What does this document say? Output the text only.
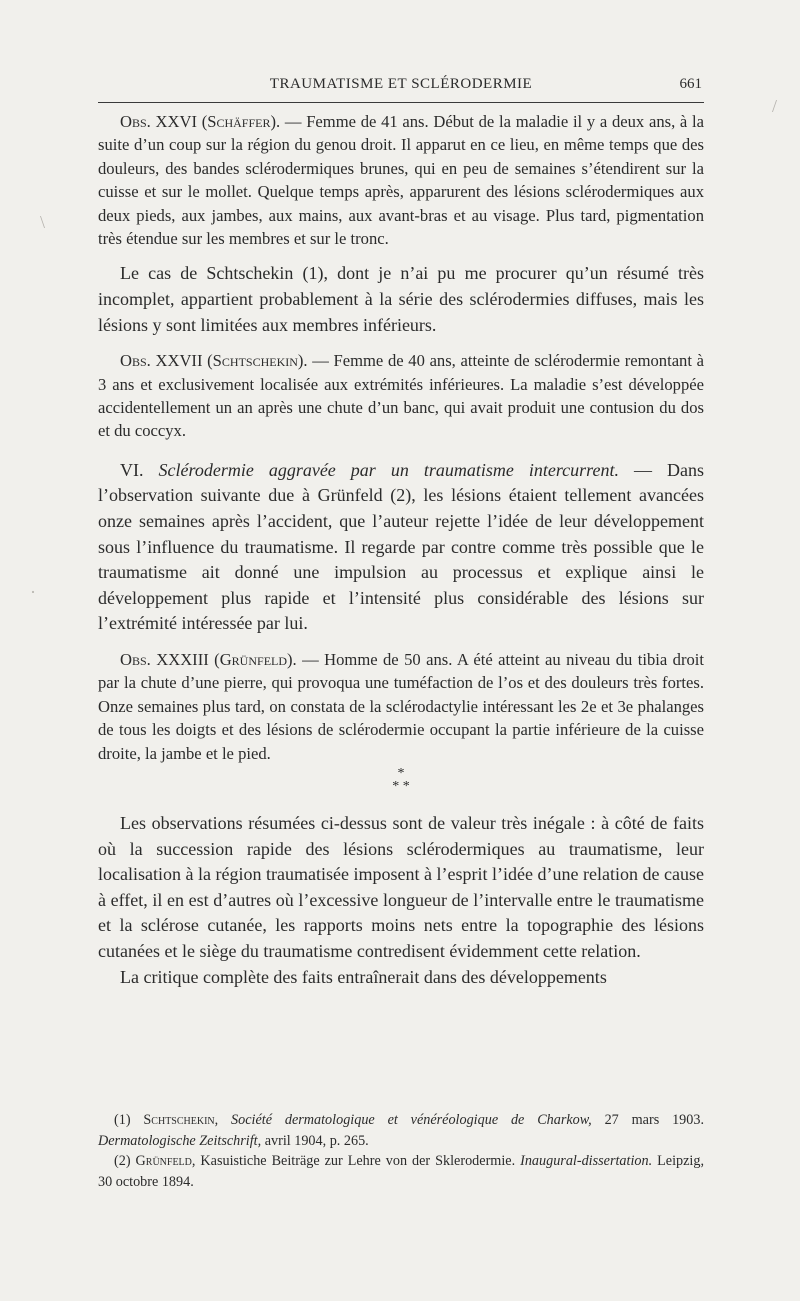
TRAUMATISME ET SCLÉRODERMIE	661

Obs. XXVI (Schäffer). — Femme de 41 ans. Début de la maladie il y a deux ans, à la suite d’un coup sur la région du genou droit. Il apparut en ce lieu, en même temps que des douleurs, des bandes sclérodermiques brunes, qui en peu de semaines s’étendirent sur la cuisse et sur le mollet. Quelque temps après, apparurent des lésions sclérodermiques aux deux pieds, aux jambes, aux mains, aux avant-bras et au visage. Plus tard, pigmentation très étendue sur les membres et sur le tronc.

Le cas de Schtschekin (1), dont je n’ai pu me procurer qu’un résumé très incomplet, appartient probablement à la série des sclérodermies diffuses, mais les lésions y sont limitées aux membres inférieurs.

Obs. XXVII (Schtschekin). — Femme de 40 ans, atteinte de sclérodermie remontant à 3 ans et exclusivement localisée aux extrémités inférieures. La maladie s’est développée accidentellement un an après une chute d’un banc, qui avait produit une contusion du dos et du coccyx.

VI. Sclérodermie aggravée par un traumatisme intercurrent. — Dans l’observation suivante due à Grünfeld (2), les lésions étaient tellement avancées onze semaines après l’accident, que l’auteur rejette l’idée de leur développement sous l’influence du traumatisme. Il regarde par contre comme très possible que le traumatisme ait donné une impulsion au processus et explique ainsi le développement plus rapide et l’intensité plus considérable des lésions sur l’extrémité intéressée par lui.

Obs. XXXIII (Grünfeld). — Homme de 50 ans. A été atteint au niveau du tibia droit par la chute d’une pierre, qui provoqua une tuméfaction de l’os et des douleurs très fortes. Onze semaines plus tard, on constata de la sclérodactylie intéressant les 2e et 3e phalanges de tous les doigts et des lésions de sclérodermie occupant la partie inférieure de la cuisse droite, la jambe et le pied.

*
* *

Les observations résumées ci-dessus sont de valeur très inégale : à côté de faits où la succession rapide des lésions sclérodermiques au traumatisme, leur localisation à la région traumatisée imposent à l’esprit l’idée d’une relation de cause à effet, il en est d’autres où l’excessive longueur de l’intervalle entre le traumatisme et la sclérose cutanée, les rapports moins nets entre la topographie des lésions cutanées et le siège du traumatisme contredisent évidemment cette relation.

La critique complète des faits entraînerait dans des développements

(1) Schtschekin, Société dermatologique et vénéréologique de Charkow, 27 mars 1903. Dermatologische Zeitschrift, avril 1904, p. 265.

(2) Grünfeld, Kasuistiche Beiträge zur Lehre von der Sklerodermie. Inaugural-dissertation. Leipzig, 30 octobre 1894.

/
\
·
